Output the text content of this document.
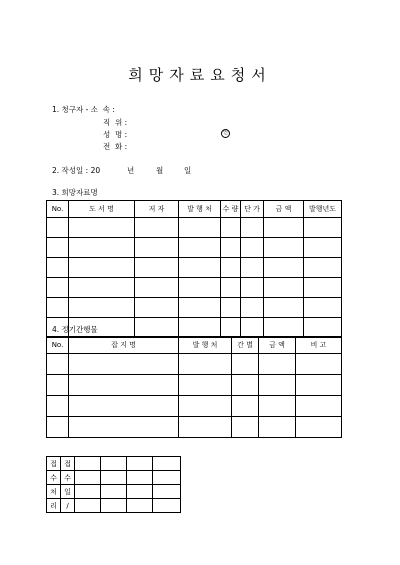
희망자료요청서
1. 청구자 - 소  속 :
직  위 :
성  명 :	인
전  화 :
2. 작성일 : 20	년	월	일
3. 희망자료명
No.	도 서 명	저 자	발 행 처	수 량	단 가	금 액	발행년도

4. 정기간행물
No.	잡 지 명	발 행 처	간 별	금 액	비 고

접	접				
수	수				
처	일				
리	/				
